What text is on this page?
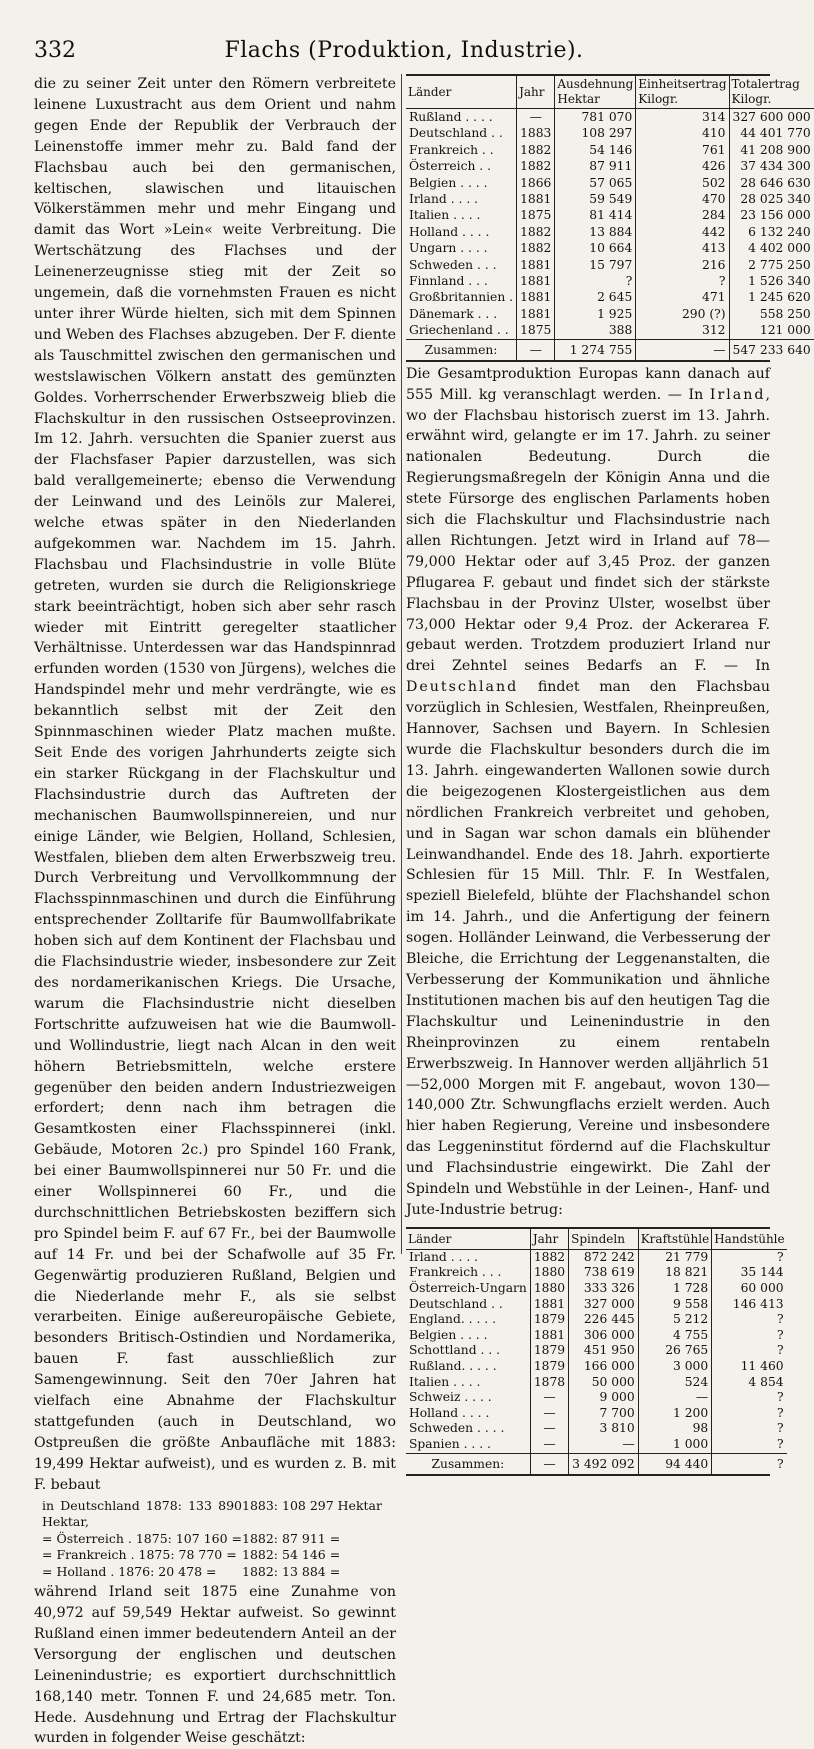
332	Flachs (Produktion, Industrie).

die zu seiner Zeit unter den Römern verbreitete leinene Luxustracht aus dem Orient und nahm gegen Ende der Republik der Verbrauch der Leinenstoffe immer mehr zu. Bald fand der Flachsbau auch bei den germanischen, keltischen, slawischen und litauischen Völkerstämmen mehr und mehr Eingang und damit das Wort »Lein« weite Verbreitung. Die Wertschätzung des Flachses und der Leinenerzeugnisse stieg mit der Zeit so ungemein, daß die vornehmsten Frauen es nicht unter ihrer Würde hielten, sich mit dem Spinnen und Weben des Flachses abzugeben. Der F. diente als Tauschmittel zwischen den germanischen und westslawischen Völkern anstatt des gemünzten Goldes. Vorherrschender Erwerbszweig blieb die Flachskultur in den russischen Ostseeprovinzen. Im 12. Jahrh. versuchten die Spanier zuerst aus der Flachsfaser Papier darzustellen, was sich bald verallgemeinerte; ebenso die Verwendung der Leinwand und des Leinöls zur Malerei, welche etwas später in den Niederlanden aufgekommen war. Nachdem im 15. Jahrh. Flachsbau und Flachsindustrie in volle Blüte getreten, wurden sie durch die Religionskriege stark beeinträchtigt, hoben sich aber sehr rasch wieder mit Eintritt geregelter staatlicher Verhältnisse. Unterdessen war das Handspinnrad erfunden worden (1530 von Jürgens), welches die Handspindel mehr und mehr verdrängte, wie es bekanntlich selbst mit der Zeit den Spinnmaschinen wieder Platz machen mußte. Seit Ende des vorigen Jahrhunderts zeigte sich ein starker Rückgang in der Flachskultur und Flachsindustrie durch das Auftreten der mechanischen Baumwollspinnereien, und nur einige Länder, wie Belgien, Holland, Schlesien, Westfalen, blieben dem alten Erwerbszweig treu. Durch Verbreitung und Vervollkommnung der Flachsspinnmaschinen und durch die Einführung entsprechender Zolltarife für Baumwollfabrikate hoben sich auf dem Kontinent der Flachsbau und die Flachsindustrie wieder, insbesondere zur Zeit des nordamerikanischen Kriegs. Die Ursache, warum die Flachsindustrie nicht dieselben Fortschritte aufzuweisen hat wie die Baumwoll- und Wollindustrie, liegt nach Alcan in den weit höhern Betriebsmitteln, welche erstere gegenüber den beiden andern Industriezweigen erfordert; denn nach ihm betragen die Gesamtkosten einer Flachsspinnerei (inkl. Gebäude, Motoren 2c.) pro Spindel 160 Frank, bei einer Baumwollspinnerei nur 50 Fr. und die einer Wollspinnerei 60 Fr., und die durchschnittlichen Betriebskosten beziffern sich pro Spindel beim F. auf 67 Fr., bei der Baumwolle auf 14 Fr. und bei der Schafwolle auf 35 Fr. Gegenwärtig produzieren Rußland, Belgien und die Niederlande mehr F., als sie selbst verarbeiten. Einige außereuropäische Gebiete, besonders Britisch-Ostindien und Nordamerika, bauen F. fast ausschließlich zur Samengewinnung. Seit den 70er Jahren hat vielfach eine Abnahme der Flachskultur stattgefunden (auch in Deutschland, wo Ostpreußen die größte Anbaufläche mit 1883: 19,499 Hektar aufweist), und es wurden z. B. mit F. bebaut

in Deutschland 1878: 133 890 Hektar,
1883: 108 297 Hektar
= Österreich . 1875: 107 160 = 1882: 87 911 =
= Frankreich . 1875: 78 770 = 1882: 54 146 =
= Holland . 1876: 20 478 =	1882: 13 884 =

während Irland seit 1875 eine Zunahme von 40,972 auf 59,549 Hektar aufweist. So gewinnt Rußland einen immer bedeutendern Anteil an der Versorgung der englischen und deutschen Leinenindustrie; es exportiert durchschnittlich 168,140 metr. Tonnen F. und 24,685 metr. Ton. Hede. Ausdehnung und Ertrag der Flachskultur wurden in folgender Weise geschätzt:

Länder	Jahr	Ausdehnung Hektar	Einheitsertrag Kilogr.	Totalertrag Kilogr.
Rußland . . . .	—	781 070	314	327 600 000
Deutschland . .	1883	108 297	410	44 401 770
Frankreich . .	1882	54 146	761	41 208 900
Österreich . .	1882	87 911	426	37 434 300
Belgien . . . .	1866	57 065	502	28 646 630
Irland . . . .	1881	59 549	470	28 025 340
Italien . . . .	1875	81 414	284	23 156 000
Holland . . . .	1882	13 884	442	6 132 240
Ungarn . . . .	1882	10 664	413	4 402 000
Schweden . . .	1881	15 797	216	2 775 250
Finnland . . .	1881	?	?	1 526 340
Großbritannien .	1881	2 645	471	1 245 620
Dänemark . . .	1881	1 925	290 (?)	558 250
Griechenland . .	1875	388	312	121 000
Zusammen:	—	1 274 755	—	547 233 640

Die Gesamtproduktion Europas kann danach auf 555 Mill. kg veranschlagt werden. — In Irland, wo der Flachsbau historisch zuerst im 13. Jahrh. erwähnt wird, gelangte er im 17. Jahrh. zu seiner nationalen Bedeutung. Durch die Regierungsmaßregeln der Königin Anna und die stete Fürsorge des englischen Parlaments hoben sich die Flachskultur und Flachsindustrie nach allen Richtungen. Jetzt wird in Irland auf 78—79,000 Hektar oder auf 3,45 Proz. der ganzen Pflugarea F. gebaut und findet sich der stärkste Flachsbau in der Provinz Ulster, woselbst über 73,000 Hektar oder 9,4 Proz. der Ackerarea F. gebaut werden. Trotzdem produziert Irland nur drei Zehntel seines Bedarfs an F. — In Deutschland findet man den Flachsbau vorzüglich in Schlesien, Westfalen, Rheinpreußen, Hannover, Sachsen und Bayern. In Schlesien wurde die Flachskultur besonders durch die im 13. Jahrh. eingewanderten Wallonen sowie durch die beigezogenen Klostergeistlichen aus dem nördlichen Frankreich verbreitet und gehoben, und in Sagan war schon damals ein blühender Leinwandhandel. Ende des 18. Jahrh. exportierte Schlesien für 15 Mill. Thlr. F. In Westfalen, speziell Bielefeld, blühte der Flachshandel schon im 14. Jahrh., und die Anfertigung der feinern sogen. Holländer Leinwand, die Verbesserung der Bleiche, die Errichtung der Leggenanstalten, die Verbesserung der Kommunikation und ähnliche Institutionen machen bis auf den heutigen Tag die Flachskultur und Leinenindustrie in den Rheinprovinzen zu einem rentabeln Erwerbszweig. In Hannover werden alljährlich 51—52,000 Morgen mit F. angebaut, wovon 130—140,000 Ztr. Schwungflachs erzielt werden. Auch hier haben Regierung, Vereine und insbesondere das Leggeninstitut fördernd auf die Flachskultur und Flachsindustrie eingewirkt. Die Zahl der Spindeln und Webstühle in der Leinen-, Hanf- und Jute-Industrie betrug:

Länder	Jahr	Spindeln	Kraftstühle	Handstühle
Irland . . . .	1882	872 242	21 779	?
Frankreich . . .	1880	738 619	18 821	35 144
Österreich-Ungarn	1880	333 326	1 728	60 000
Deutschland . .	1881	327 000	9 558	146 413
England. . . . .	1879	226 445	5 212	?
Belgien . . . .	1881	306 000	4 755	?
Schottland . . .	1879	451 950	26 765	?
Rußland. . . . .	1879	166 000	3 000	11 460
Italien . . . .	1878	50 000	524	4 854
Schweiz . . . .	—	9 000	—	?
Holland . . . .	—	7 700	1 200	?
Schweden . . . .	—	3 810	98	?
Spanien . . . .	—	—	1 000	?
Zusammen:	—	3 492 092	94 440	?
